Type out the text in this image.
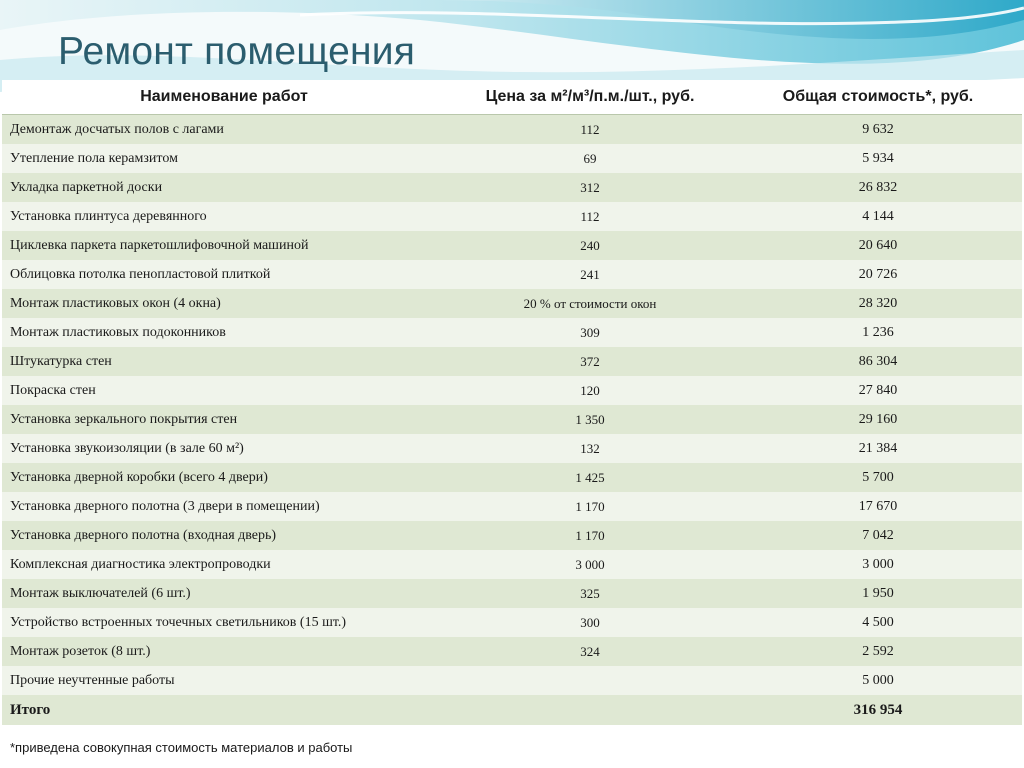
Ремонт помещения
Наименование работ	Цена за м²/м³/п.м./шт., руб.	Общая стоимость*, руб.
Демонтаж досчатых полов с лагами	112	9 632
Утепление пола керамзитом	69	5 934
Укладка паркетной доски	312	26 832
Установка плинтуса деревянного	112	4 144
Циклевка паркета паркетошлифовочной машиной	240	20 640
Облицовка потолка пенопластовой плиткой	241	20 726
Монтаж пластиковых окон (4 окна)	20 % от стоимости окон	28 320
Монтаж пластиковых подоконников	309	1 236
Штукатурка стен	372	86 304
Покраска стен	120	27 840
Установка зеркального покрытия стен	1 350	29 160
Установка звукоизоляции (в зале 60 м²)	132	21 384
Установка дверной коробки (всего 4 двери)	1 425	5 700
Установка дверного полотна (3 двери в помещении)	1 170	17 670
Установка дверного полотна (входная дверь)	1 170	7 042
Комплексная диагностика электропроводки	3 000	3 000
Монтаж выключателей (6 шт.)	325	1 950
Устройство встроенных точечных светильников (15 шт.)	300	4 500
Монтаж розеток (8 шт.)	324	2 592
Прочие неучтенные работы		5 000
Итого		316 954

*приведена совокупная стоимость материалов и работы
